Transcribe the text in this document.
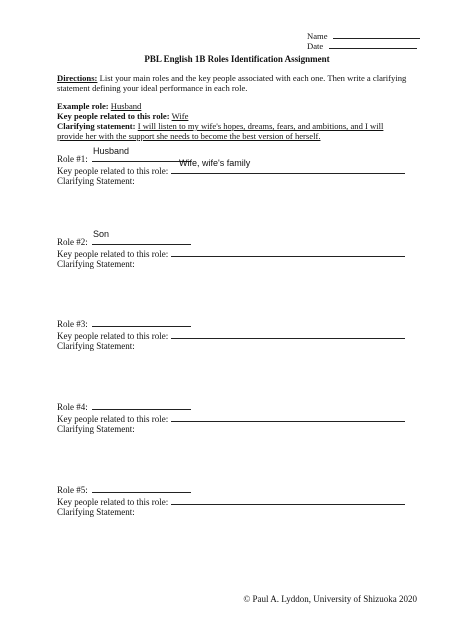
Name
Date
PBL English 1B Roles Identification Assignment
Directions: List your main roles and the key people associated with each one. Then write a clarifying
statement defining your ideal performance in each role.
Example role: Husband
Key people related to this role: Wife
Clarifying statement: I will listen to my wife's hopes, dreams, fears, and ambitions, and I will
provide her with the support she needs to become the best version of herself.
Role #1:
Husband
Key people related to this role:
Wife, wife's family
Clarifying Statement:
Role #2:
Son
Key people related to this role:
Clarifying Statement:
Role #3:
Key people related to this role:
Clarifying Statement:
Role #4:
Key people related to this role:
Clarifying Statement:
Role #5:
Key people related to this role:
Clarifying Statement:
© Paul A. Lyddon, University of Shizuoka 2020
